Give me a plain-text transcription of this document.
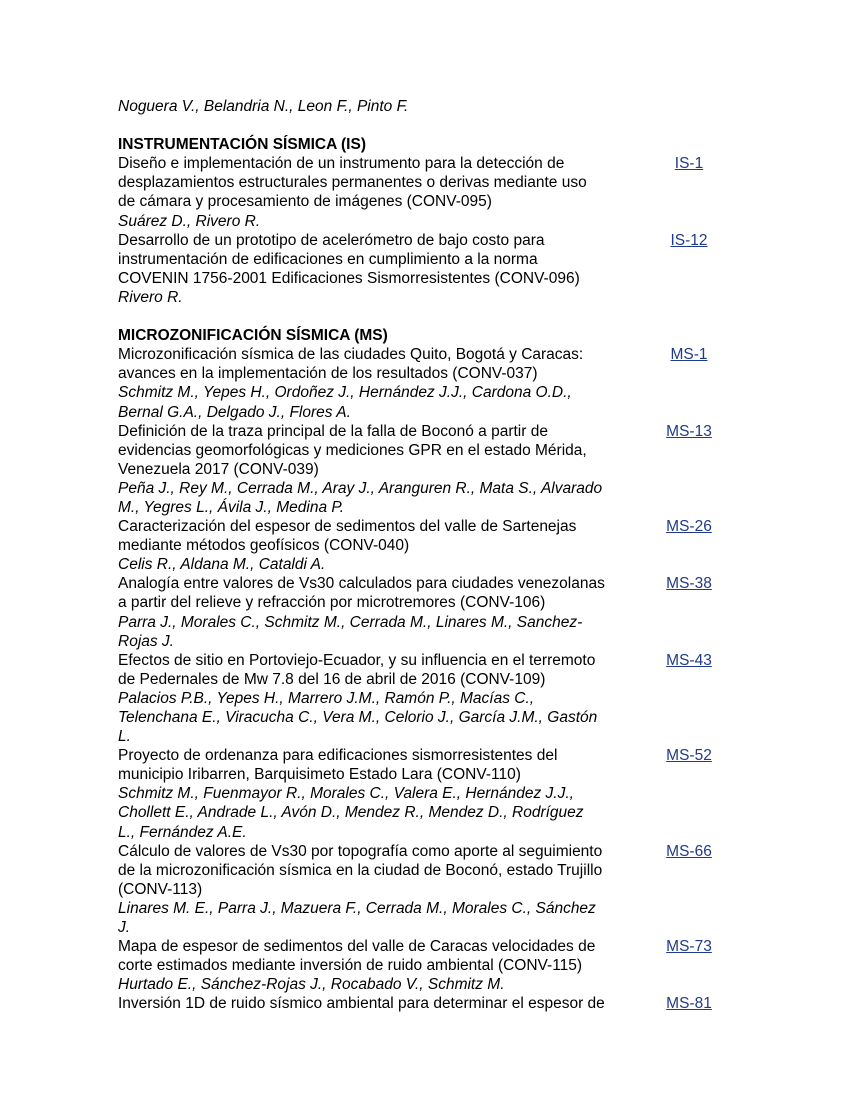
Noguera V., Belandria N., Leon F., Pinto F.

INSTRUMENTACIÓN SÍSMICA (IS)

Diseño e implementación de un instrumento para la detección de

desplazamientos estructurales permanentes o derivas mediante uso

de cámara y procesamiento de imágenes (CONV-095)

Suárez D., Rivero R.

IS-1

Desarrollo de un prototipo de acelerómetro de bajo costo para

instrumentación de edificaciones en cumplimiento a la norma

COVENIN 1756-2001 Edificaciones Sismorresistentes (CONV-096)

Rivero R.

IS-12

MICROZONIFICACIÓN SÍSMICA (MS)

Microzonificación sísmica de las ciudades Quito, Bogotá y Caracas:

avances en la implementación de los resultados (CONV-037)

Schmitz M., Yepes H., Ordoñez J., Hernández J.J., Cardona O.D.,

Bernal G.A., Delgado J., Flores A.

MS-1

Definición de la traza principal de la falla de Boconó a partir de

evidencias geomorfológicas y mediciones GPR en el estado Mérida,

Venezuela 2017 (CONV-039)

Peña J., Rey M., Cerrada M., Aray J., Aranguren R., Mata S., Alvarado

M., Yegres L., Ávila J., Medina P.

MS-13

Caracterización del espesor de sedimentos del valle de Sartenejas

mediante métodos geofísicos (CONV-040)

Celis R., Aldana M., Cataldi A.

MS-26

Analogía entre valores de Vs30 calculados para ciudades venezolanas

a partir del relieve y refracción por microtremores (CONV-106)

Parra J., Morales C., Schmitz M., Cerrada M., Linares M., Sanchez-

Rojas J.

MS-38

Efectos de sitio en Portoviejo-Ecuador, y su influencia en el terremoto

de Pedernales de Mw 7.8 del 16 de abril de 2016 (CONV-109)

Palacios P.B., Yepes H., Marrero J.M., Ramón P., Macías C.,

Telenchana E., Viracucha C., Vera M., Celorio J., García J.M., Gastón

L.

MS-43

Proyecto de ordenanza para edificaciones sismorresistentes del

municipio Iribarren, Barquisimeto Estado Lara (CONV-110)

Schmitz M., Fuenmayor R., Morales C., Valera E., Hernández J.J.,

Chollett E., Andrade L., Avón D., Mendez R., Mendez D., Rodríguez

L., Fernández A.E.

MS-52

Cálculo de valores de Vs30 por topografía como aporte al seguimiento

de la microzonificación sísmica en la ciudad de Boconó, estado Trujillo

(CONV-113)

Linares M. E., Parra J., Mazuera F., Cerrada M., Morales C., Sánchez

J.

MS-66

Mapa de espesor de sedimentos del valle de Caracas velocidades de

corte estimados mediante inversión de ruido ambiental (CONV-115)

Hurtado E., Sánchez-Rojas J., Rocabado V., Schmitz M.

MS-73

Inversión 1D de ruido sísmico ambiental para determinar el espesor de	MS-81
